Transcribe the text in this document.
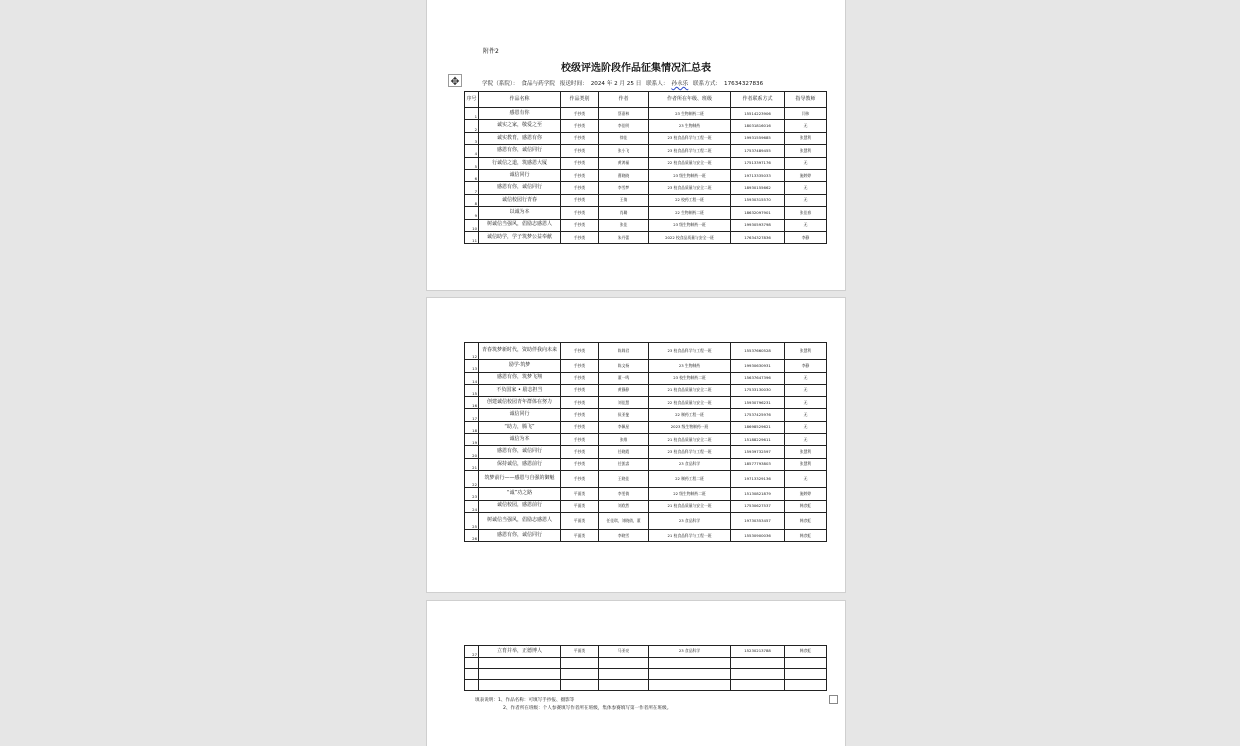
附件2
校级评选阶段作品征集情况汇总表
学院（系院）： 食品与药学院 报送时间： 2024 年 2 月 25 日 联系人： 孙永乐 联系方式： 17634327836
序号	作品名称	作品类别	作者	作者所在年级、班级	作者联系方式	指导教师
1	感恩有你	手抄类	蔡嘉林	23 生物制药二班	15514223906	闫伟
2	诚实之家，敬爱之至	手抄类	李佳明	23 生物制药	18031816016	无
3	诚实教育，感恩有你	手抄类	徐佳	23 校食品科学与工程一班	19931559685	张慧利
4	感恩有你，诚信同行	手抄类	张小飞	23 校食品科学与工程二班	17537489455	张慧利
5	行诚信之道，筑感恩大厦	手抄类	黄鸿福	22 校食品质量与安全一班	17513397176	无
6	诚信同行	手抄类	曹晓晓	23 级生物制药一班	19713335033	施婷婷
7	感恩有你，诚信同行	手抄类	李雪梦	23 校食品质量与安全二班	18930155662	无
8	诚信校园行青春	手抄类	王倩	22 校药工程一班	15930315570	无
9	以诚为本	手抄类	肖璐	22 生物制药二班	18632097901	张佳春
10	树诚信当强风，倡励志感恩人	手抄类	张佳	23 级生物制药一班	19930593798	无
11	诚信助学，学子筑梦公益奉献	手抄类	朱丹蕾	2022 校食品质量与安全一班	17634327836	李静
✥
12	青春筑梦新时代，资助伴我向未来	手抄类	陈姝君	23 校食品科学与工程一班	15537660528	张慧利
13	励学·筑梦	手抄类	陈文杨	23 生物制药	19930630931	李静
14	感恩有你，筑梦飞翔	手抄类	董一鸣	23 校生物制药二班	15637647396	无
15	不负国家 • 励志担当	手抄类	黄静静	21 校食品质量与安全二班	17533130030	无
16	创建诚信校园青年群体在努力	手抄类	刘佳慧	22 校食品质量与安全一班	15930796231	无
17	诚信同行	手抄类	侯亚斐	22 制药工程一班	17537425976	无
18	“助力，腾飞”	手抄类	李佩星	2023 级生物制药一班	18698529621	无
19	诚信为本	手抄类	张维	21 校食品质量与安全二班	15188229611	无
20	感恩有你，诚信同行	手抄类	任晓霞	23 校食品科学与工程一班	15939732597	张慧利
21	保持诚信，感恩前行	手抄类	任凯睿	23 食品科学	18577793803	张慧利
22	筑梦前行——感恩与自强的御魁	手抄类	王晓佳	22 制药工程二班	19713329136	无
23	“诚”功之路	平面类	李雯倩	22 级生物制药二班	15130821879	施婷婷
24	诚信校园，感恩前行	平面类	刘欣然	21 校食品质量与安全一班	17530627537	韩彦虹
25	树诚信当强风，倡励志感恩人	平面类	任佳琪，刘晓倩，董	23 食品科学	19730353457	韩彦虹
26	感恩有你，诚信同行	平面类	李晓雪	21 校食品科学与工程一班	15530900036	韩彦虹
27	立育并举，正德博人	平面类	马亚亮	23 食品科学	15230213788	韩彦虹

填表说明：1、作品名称：可填写手抄报、摄影等
2、作者所在班级：个人参赛填写作者所在班级，集体参赛填写第一作者所在班级。
